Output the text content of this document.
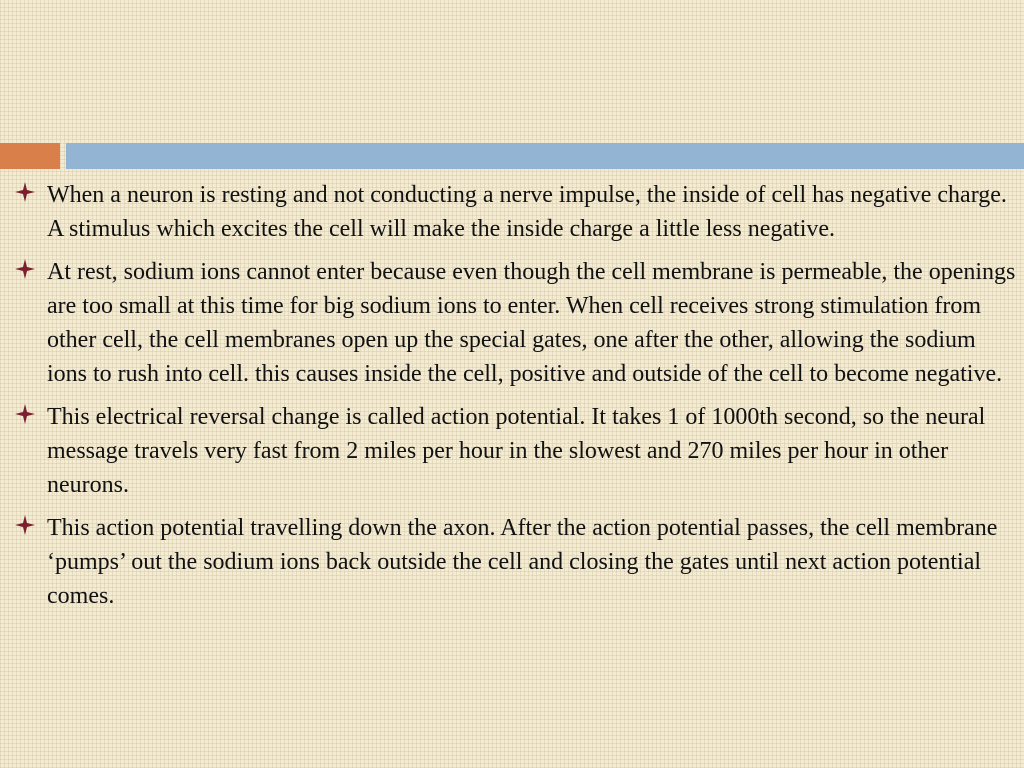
When a neuron is resting and not conducting a nerve impulse, the inside of cell has negative charge. A stimulus which excites the cell will make the inside charge a little less negative.
At rest, sodium ions cannot enter because even though the cell membrane is permeable, the openings are too small at this time for big sodium ions to enter. When cell receives strong stimulation from other cell, the cell membranes open up the special gates, one after the other, allowing the sodium ions to rush into cell. this causes inside the cell, positive and outside of the cell to become negative.
This electrical reversal change is called action potential. It takes 1 of 1000th second, so the neural message travels very fast from 2 miles per hour in the slowest and 270 miles per hour in other neurons.
This action potential travelling down the axon. After the action potential passes, the cell membrane ‘pumps’ out the sodium ions back outside the cell and closing the gates until next action potential comes.
